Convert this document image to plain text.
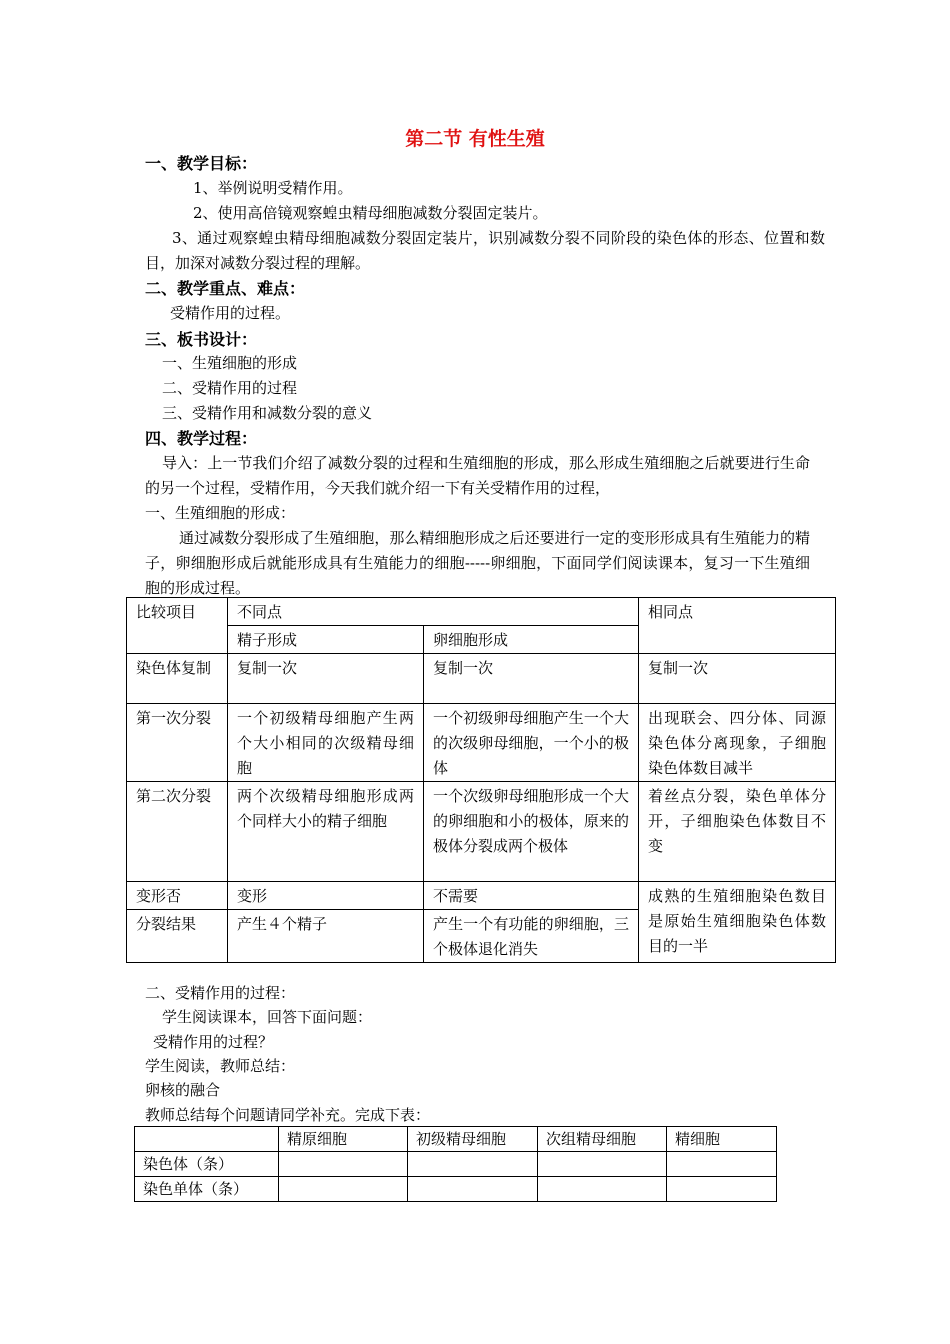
第二节 有性生殖
一、教学目标：
1、举例说明受精作用。
2、使用高倍镜观察蝗虫精母细胞减数分裂固定装片。
3、通过观察蝗虫精母细胞减数分裂固定装片，识别减数分裂不同阶段的染色体的形态、位置和数目，加深对减数分裂过程的理解。
二、教学重点、难点：
受精作用的过程。
三、板书设计：
一、生殖细胞的形成
二、受精作用的过程
三、受精作用和减数分裂的意义
四、教学过程：
导入：上一节我们介绍了减数分裂的过程和生殖细胞的形成，那么形成生殖细胞之后就要进行生命的另一个过程，受精作用，今天我们就介绍一下有关受精作用的过程，
一、生殖细胞的形成：
通过减数分裂形成了生殖细胞，那么精细胞形成之后还要进行一定的变形形成具有生殖能力的精子，卵细胞形成后就能形成具有生殖能力的细胞-----卵细胞，下面同学们阅读课本，复习一下生殖细胞的形成过程。
比较项目	不同点		相同点
	精子形成	卵细胞形成	
染色体复制	复制一次	复制一次	复制一次
第一次分裂	一个初级精母细胞产生两个大小相同的次级精母细胞	一个初级卵母细胞产生一个大的次级卵母细胞，一个小的极体	出现联会、四分体、同源染色体分离现象，子细胞染色体数目减半
第二次分裂	两个次级精母细胞形成两个同样大小的精子细胞	一个次级卵母细胞形成一个大的卵细胞和小的极体，原来的极体分裂成两个极体	着丝点分裂，染色单体分开，子细胞染色体数目不变
变形否	变形	不需要	成熟的生殖细胞染色数目是原始生殖细胞染色体数目的一半
分裂结果	产生４个精子	产生一个有功能的卵细胞，三个极体退化消失	
二、受精作用的过程：
学生阅读课本，回答下面问题：
受精作用的过程？
学生阅读，教师总结：
卵核的融合
教师总结每个问题请同学补充。完成下表：
	精原细胞	初级精母细胞	次组精母细胞	精细胞
染色体（条）				
染色单体（条）				
